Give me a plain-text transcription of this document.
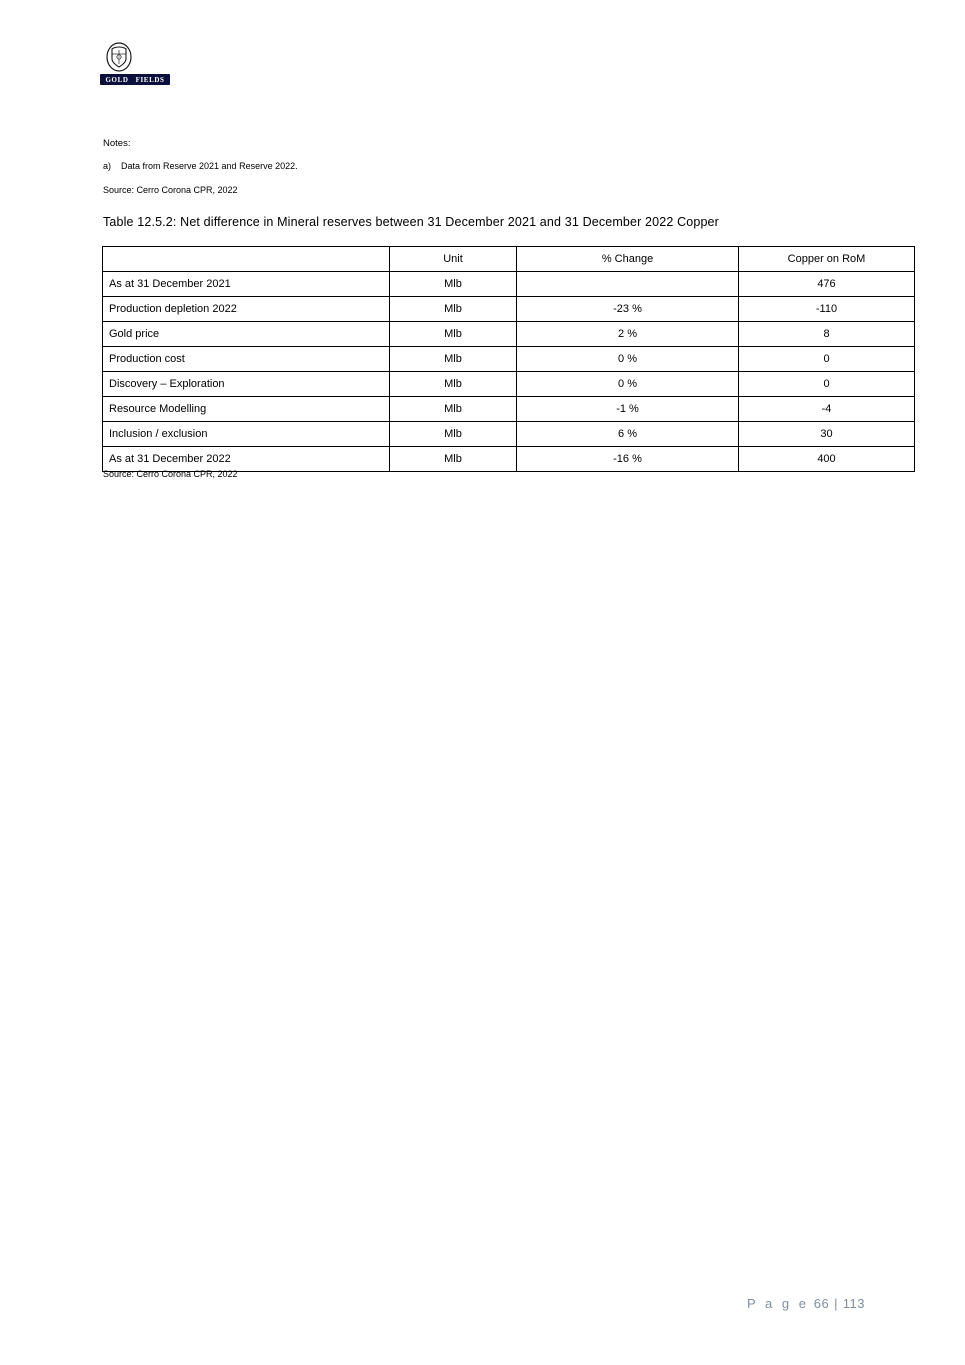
GOLD FIELDS
Notes:
a)	Data from Reserve 2021 and Reserve 2022.
Source: Cerro Corona CPR, 2022
Table 12.5.2: Net difference in Mineral reserves between 31 December 2021 and 31 December 2022 Copper
	Unit	% Change	Copper on RoM
As at 31 December 2021	Mlb		476
Production depletion 2022	Mlb	-23 %	-110
Gold price	Mlb	2 %	8
Production cost	Mlb	0 %	0
Discovery – Exploration	Mlb	0 %	0
Resource Modelling	Mlb	-1 %	-4
Inclusion / exclusion	Mlb	6 %	30
As at 31 December 2022	Mlb	-16 %	400
Source: Cerro Corona CPR, 2022
P a g e 66 | 113
